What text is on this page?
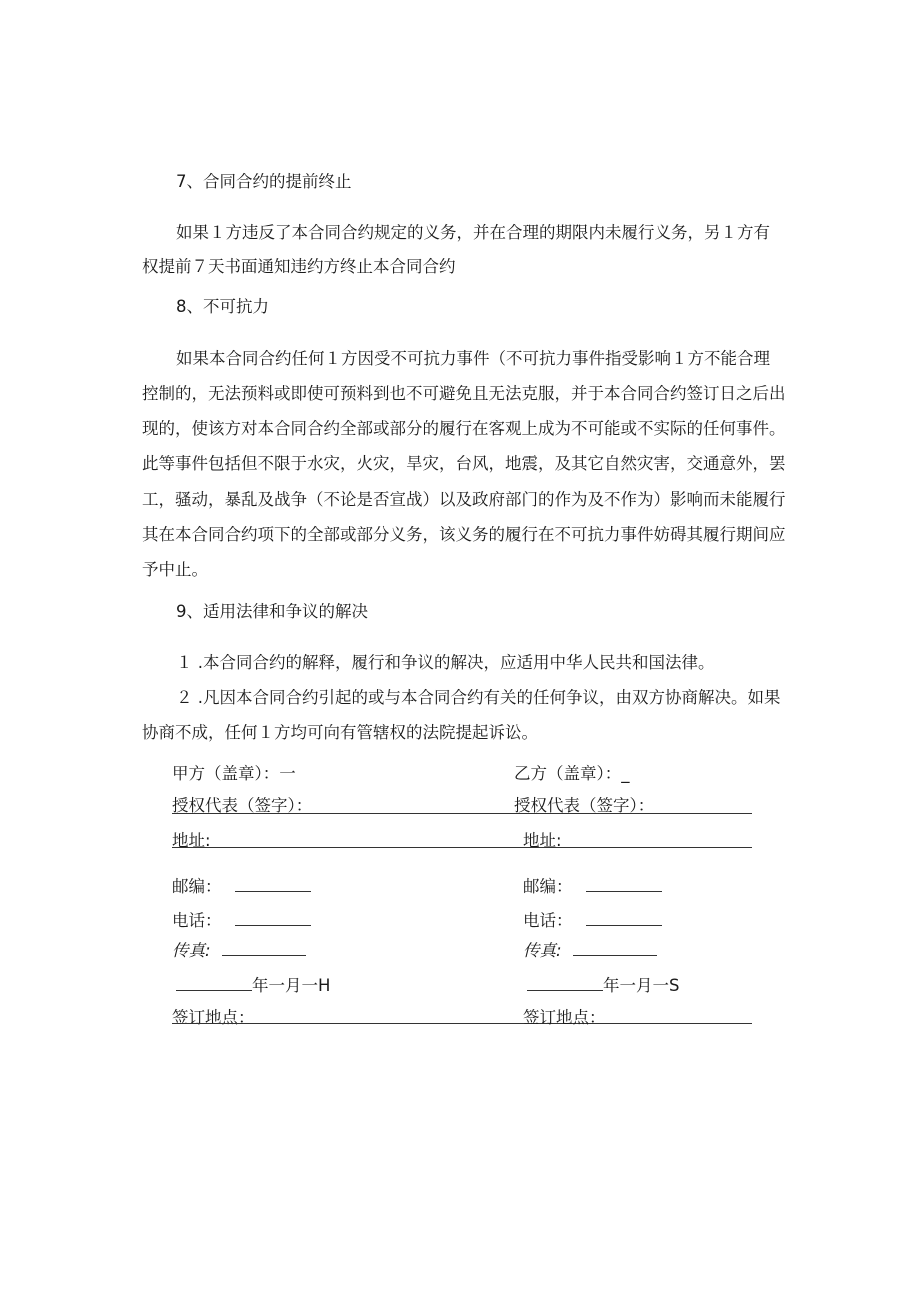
7、合同合约的提前终止
如果１方违反了本合同合约规定的义务，并在合理的期限内未履行义务，另１方有
权提前７天书面通知违约方终止本合同合约
8、不可抗力
如果本合同合约任何１方因受不可抗力事件（不可抗力事件指受影响１方不能合理
控制的，无法预料或即使可预料到也不可避免且无法克服，并于本合同合约签订日之后出
现的，使该方对本合同合约全部或部分的履行在客观上成为不可能或不实际的任何事件。
此等事件包括但不限于水灾，火灾，旱灾，台风，地震，及其它自然灾害，交通意外，罢
工，骚动，暴乱及战争（不论是否宣战）以及政府部门的作为及不作为）影响而未能履行
其在本合同合约项下的全部或部分义务，该义务的履行在不可抗力事件妨碍其履行期间应
予中止。
9、适用法律和争议的解决
１ .本合同合约的解释，履行和争议的解决，应适用中华人民共和国法律。
２ .凡因本合同合约引起的或与本合同合约有关的任何争议，由双方协商解决。如果
协商不成，任何１方均可向有管辖权的法院提起诉讼。
甲方（盖章）：一
授权代表（签字）：
地址:
邮编：
电话：
传真:
年一月一H
签订地点：
乙方（盖章）：_
授权代表（签字）：
地址:
邮编：
电话：
传真:
年一月一S
签订地点：
